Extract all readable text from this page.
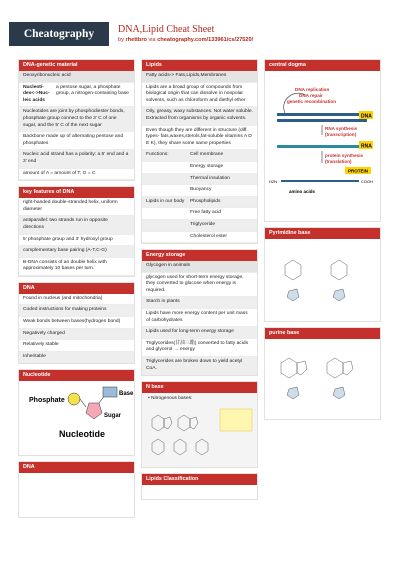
Cheatography	DNA,Lipid Cheat Sheet
by rhettbro via cheatography.com/133961/cs/27520/
DNA-genetic material
Deoxyribonucleic acid
Nucleoti-des<->Nuc-leic acids
a pentose sugar, a phosphate group, a nitrogen-containing base
Nucleotides are joint by phosphodiester bonds, phosphate group connect to the 3' C of one sugar, and the 5' C of the next sugar
Backbone made up of alternating pentose and phosphates
Nucleic acid strand has a polarity: a 5' end and a 3' end
amount of A = amount of T, G = C
key features of DNA
right-handed double-stranded helix, uniform diameter
antiparallel: two strands run in opposite directions
5' phosphate group and 3' hydroxyl group
complementary base pairing (A-T,C-G)
B-DNA consists of an double helix with approximately 10 bases per turn.
DNA
Found in nucleus (and mitochondria)
Coded instructions for making proteins
Weak bonds between bases(hydrogen bond)
Negatively charged
Relatively stable
Inheritable
Nucleotide
Phosphate
Base
Sugar
Nucleotide
DNA
Lipids
Fatty acids-> Fats,Lipids,Membranes
Lipids are a broad group of compounds from biological origin that can dissolve in nonpolar solvents, such as chloroform and diethyl ether
Oily, greasy, waxy substances. Not water soluble. Extracted from organisms by organic solvents.
Even though they are different in structure (diff. types- fats,waxes,sterols,fat-soluble vitamins A D E K), they share some same properties
Functions:	Cell membrane
Energy storage
Thermal insulation
Buoyancy
Lipids in our body	Phospholipids
Free fatty acid
Triglyceride
Cholesterol ester
Energy storage
Glycogen in animals
glycogen used for short-term energy storage, they converted to glucose when energy is required.
Starch in plants
Lipids have more energy content per unit mass of carbohydrates
Lipids used for long-term energy storage
Triglycerides(甘油三酯) converted to fatty acids and glycerol → energy
Triglycerides are broken down to yield acetyl CoA.
N base
• Nitrogenous bases:
Lipids Classification
central dogma
DNA replication
DNA repair
genetic recombination
DNA
RNA synthesis
(transcription)
RNA
protein synthesis
(translation)
PROTEIN
H2N	COOH
amino acids
Pyrimidine base
purine base
